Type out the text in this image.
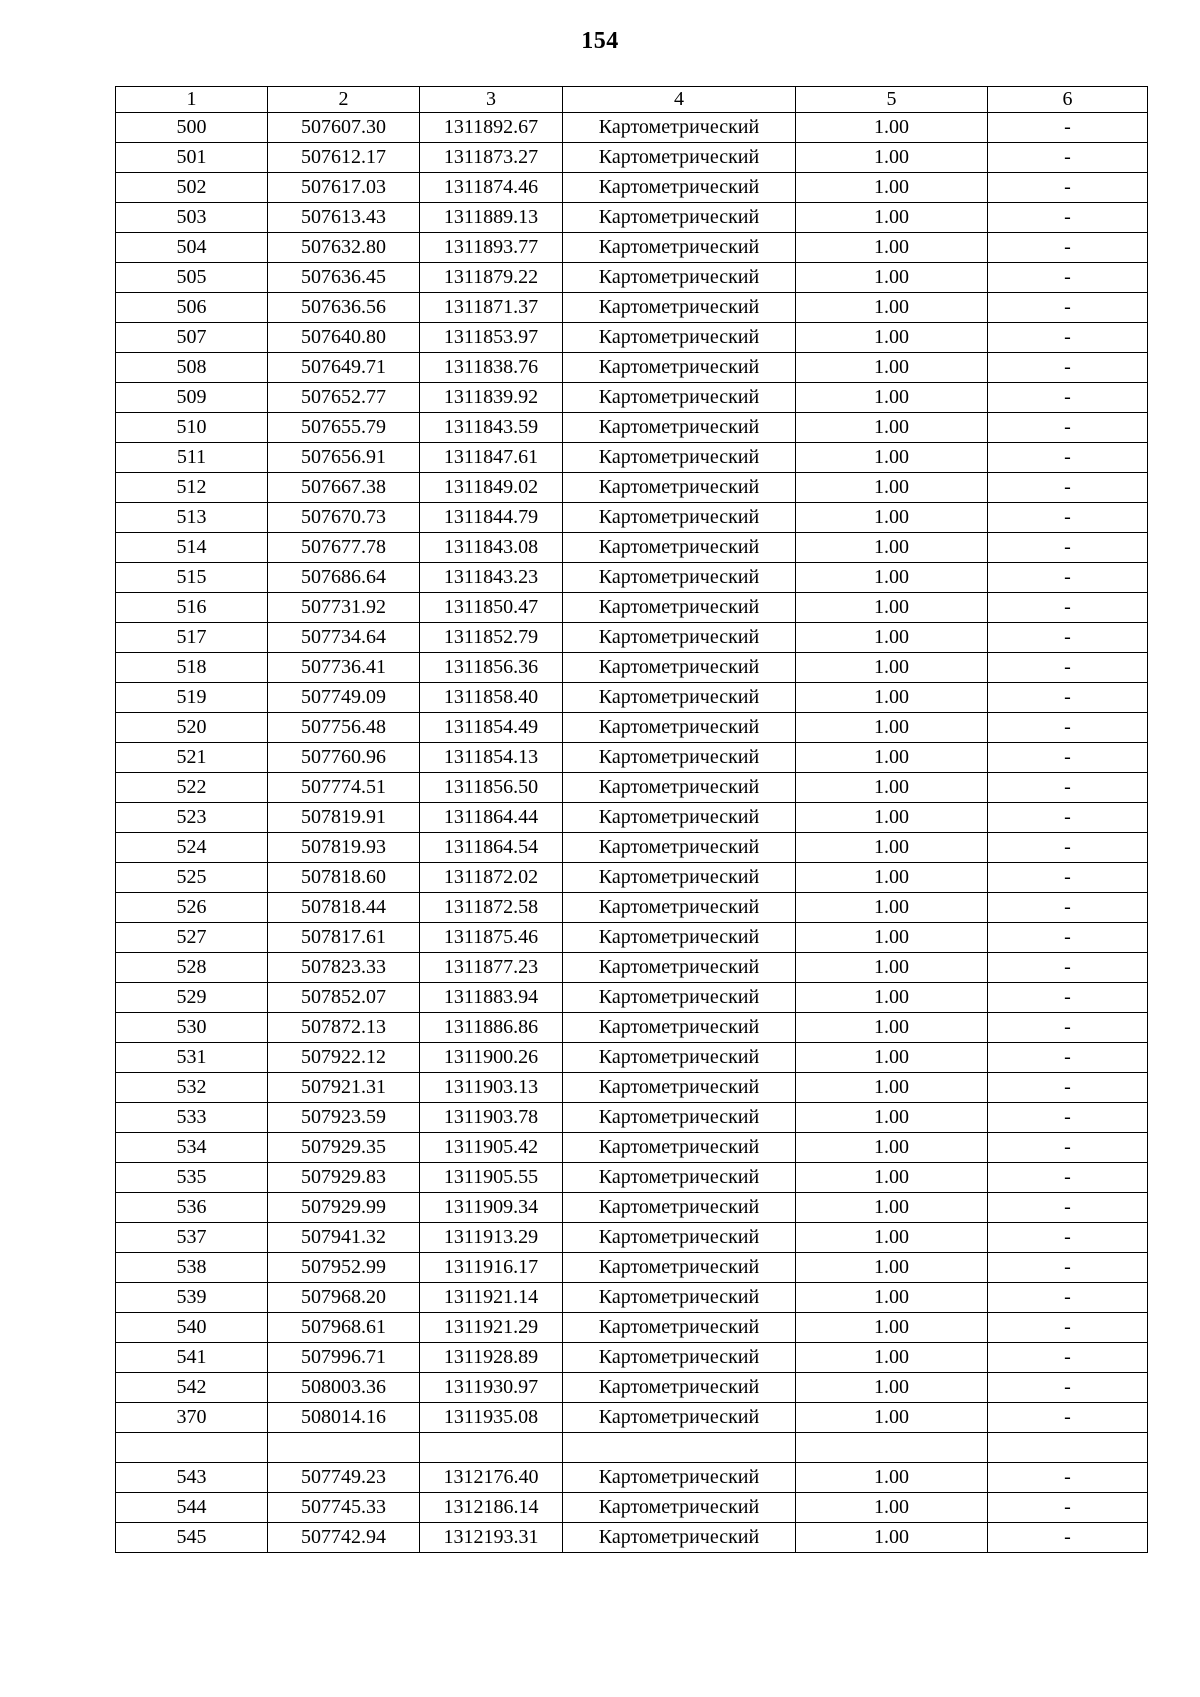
154
1	2	3	4	5	6
500	507607.30	1311892.67	Картометрический	1.00	-
501	507612.17	1311873.27	Картометрический	1.00	-
502	507617.03	1311874.46	Картометрический	1.00	-
503	507613.43	1311889.13	Картометрический	1.00	-
504	507632.80	1311893.77	Картометрический	1.00	-
505	507636.45	1311879.22	Картометрический	1.00	-
506	507636.56	1311871.37	Картометрический	1.00	-
507	507640.80	1311853.97	Картометрический	1.00	-
508	507649.71	1311838.76	Картометрический	1.00	-
509	507652.77	1311839.92	Картометрический	1.00	-
510	507655.79	1311843.59	Картометрический	1.00	-
511	507656.91	1311847.61	Картометрический	1.00	-
512	507667.38	1311849.02	Картометрический	1.00	-
513	507670.73	1311844.79	Картометрический	1.00	-
514	507677.78	1311843.08	Картометрический	1.00	-
515	507686.64	1311843.23	Картометрический	1.00	-
516	507731.92	1311850.47	Картометрический	1.00	-
517	507734.64	1311852.79	Картометрический	1.00	-
518	507736.41	1311856.36	Картометрический	1.00	-
519	507749.09	1311858.40	Картометрический	1.00	-
520	507756.48	1311854.49	Картометрический	1.00	-
521	507760.96	1311854.13	Картометрический	1.00	-
522	507774.51	1311856.50	Картометрический	1.00	-
523	507819.91	1311864.44	Картометрический	1.00	-
524	507819.93	1311864.54	Картометрический	1.00	-
525	507818.60	1311872.02	Картометрический	1.00	-
526	507818.44	1311872.58	Картометрический	1.00	-
527	507817.61	1311875.46	Картометрический	1.00	-
528	507823.33	1311877.23	Картометрический	1.00	-
529	507852.07	1311883.94	Картометрический	1.00	-
530	507872.13	1311886.86	Картометрический	1.00	-
531	507922.12	1311900.26	Картометрический	1.00	-
532	507921.31	1311903.13	Картометрический	1.00	-
533	507923.59	1311903.78	Картометрический	1.00	-
534	507929.35	1311905.42	Картометрический	1.00	-
535	507929.83	1311905.55	Картометрический	1.00	-
536	507929.99	1311909.34	Картометрический	1.00	-
537	507941.32	1311913.29	Картометрический	1.00	-
538	507952.99	1311916.17	Картометрический	1.00	-
539	507968.20	1311921.14	Картометрический	1.00	-
540	507968.61	1311921.29	Картометрический	1.00	-
541	507996.71	1311928.89	Картометрический	1.00	-
542	508003.36	1311930.97	Картометрический	1.00	-
370	508014.16	1311935.08	Картометрический	1.00	-

543	507749.23	1312176.40	Картометрический	1.00	-
544	507745.33	1312186.14	Картометрический	1.00	-
545	507742.94	1312193.31	Картометрический	1.00	-
